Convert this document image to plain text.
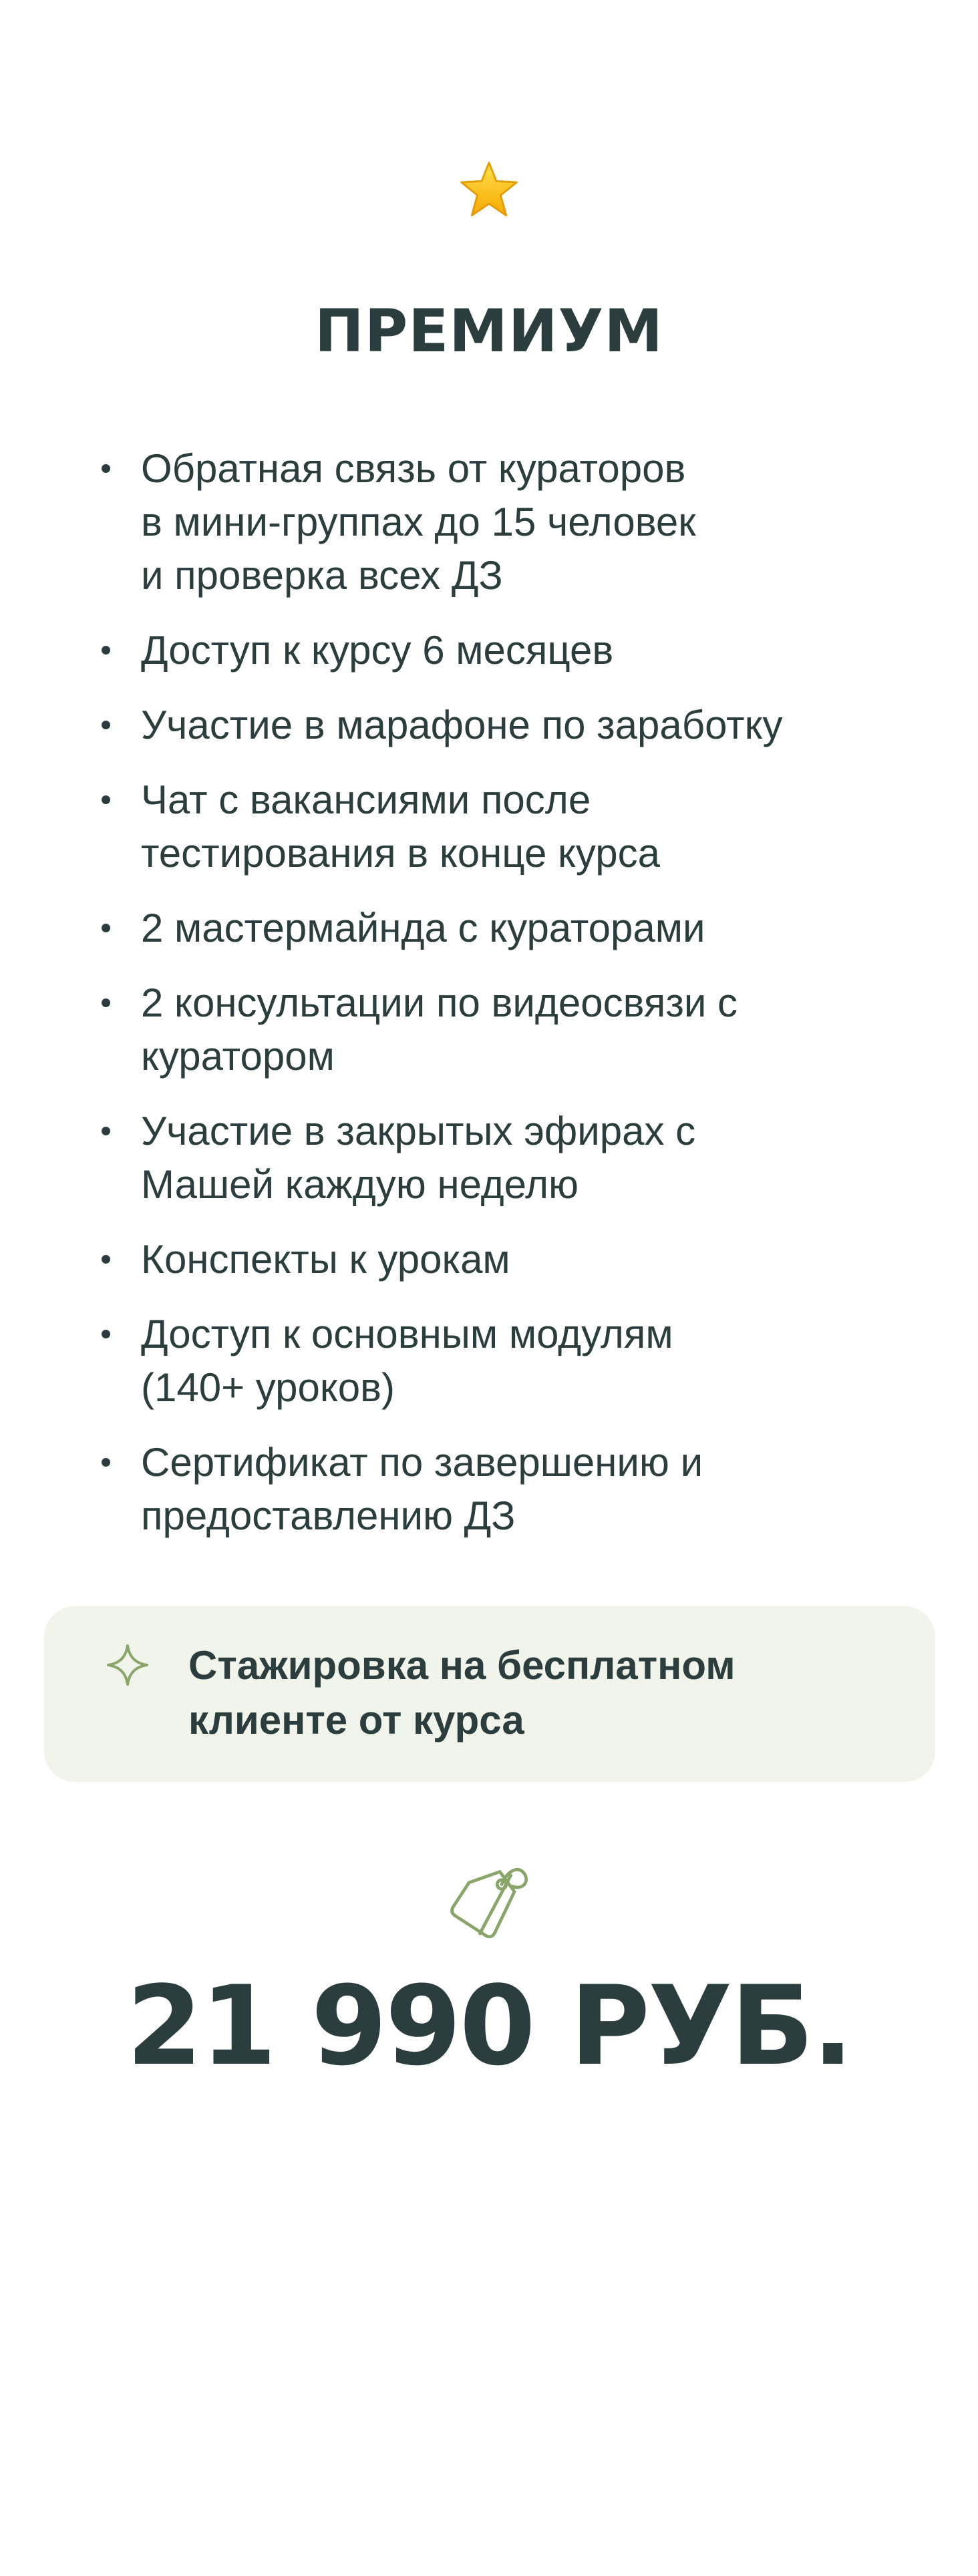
ПРЕМИУМ
Обратная связь от кураторов
в мини-группах до 15 человек
и проверка всех ДЗ
Доступ к курсу 6 месяцев
Участие в марафоне по заработку
Чат с вакансиями после
тестирования в конце курса
2 мастермайнда с кураторами
2 консультации по видеосвязи с
куратором
Участие в закрытых эфирах с
Машей каждую неделю
Конспекты к урокам
Доступ к основным модулям
(140+ уроков)
Сертификат по завершению и
предоставлению ДЗ
Стажировка на бесплатном
клиенте от курса
21 990 РУБ.
